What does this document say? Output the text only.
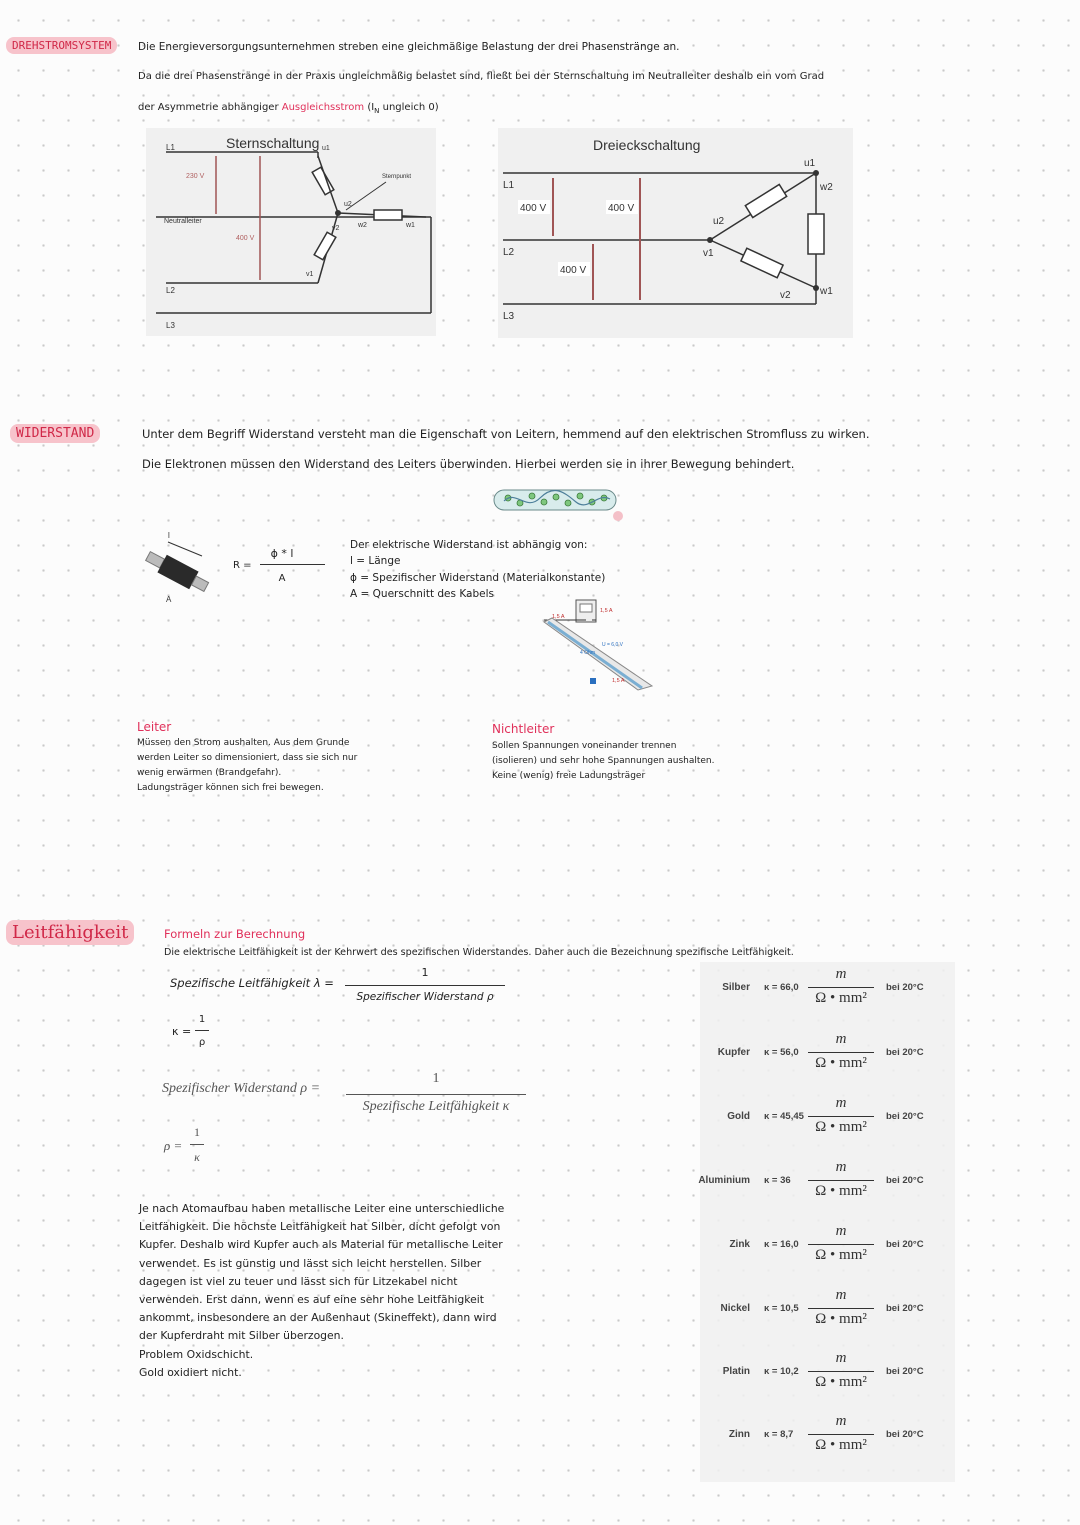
DREHSTROMSYSTEM	Die Energieversorgungsunternehmen streben eine gleichmäßige Belastung der drei Phasenstränge an.
Da die drei Phasenstränge in der Praxis ungleichmäßig belastet sind, fließt bei der Sternschaltung im Neutralleiter deshalb ein vom Grad
der Asymmetrie abhängiger Ausgleichsstrom ($I_N$ ungleich 0)
Sternschaltung
L1
Neutralleiter
L2
L3
230 V
400 V
u1
u2
v2
v1
w2	w1
Sternpunkt
Dreieckschaltung
L1
L2
L3
400 V	400 V
400 V
u1
w2
u2
v1
w1
v2
WIDERSTAND	Unter dem Begriff Widerstand versteht man die Eigenschaft von Leitern, hemmend auf den elektrischen Stromfluss zu wirken.
Die Elektronen müssen den Widerstand des Leiters überwinden. Hierbei werden sie in ihrer Bewegung behindert.
l
A
R =
ϕ * l
A
Der elektrische Widerstand ist abhängig von:
l = Länge
ϕ = Spezifischer Widerstand (Materialkonstante)
A = Querschnitt des Kabels
1,5 A
1,5 A
1,5 A
U = 6,0 V
4 Ohm
Leiter
Müssen den Strom aushalten. Aus dem Grunde
werden Leiter so dimensioniert, dass sie sich nur
wenig erwärmen (Brandgefahr).
Ladungsträger können sich frei bewegen.
Nichtleiter
Sollen Spannungen voneinander trennen
(isolieren) und sehr hohe Spannungen aushalten.
Keine (wenig) freie Ladungsträger
Leitfähigkeit	Formeln zur Berechnung
Die elektrische Leitfähigkeit ist der Kehrwert des spezifischen Widerstandes. Daher auch die Bezeichnung spezifische Leitfähigkeit.
Spezifische Leitfähigkeit λ =
1
Spezifischer Widerstand ρ
κ =
1
ρ
Spezifischer Widerstand ρ =
1
Spezifische Leitfähigkeit κ
ρ =
1
κ
Je nach Atomaufbau haben metallische Leiter eine unterschiedliche
Leitfähigkeit. Die höchste Leitfähigkeit hat Silber, dicht gefolgt von
Kupfer. Deshalb wird Kupfer auch als Material für metallische Leiter
verwendet. Es ist günstig und lässt sich leicht herstellen. Silber
dagegen ist viel zu teuer und lässt sich für Litzekabel nicht
verwenden. Erst dann, wenn es auf eine sehr hohe Leitfähigkeit
ankommt, insbesondere an der Außenhaut (Skineffekt), dann wird
der Kupferdraht mit Silber überzogen.
Problem Oxidschicht.
Gold oxidiert nicht.
Silber κ = 66,0
m
Ω • mm²
bei 20°C
Kupfer κ = 56,0
m
Ω • mm²
bei 20°C
Gold κ = 45,45
m
Ω • mm²
bei 20°C
Aluminium κ = 36
m
Ω • mm²
bei 20°C
Zink κ = 16,0
m
Ω • mm²
bei 20°C
Nickel κ = 10,5
m
Ω • mm²
bei 20°C
Platin κ = 10,2
m
Ω • mm²
bei 20°C
Zinn κ = 8,7
m
Ω • mm²
bei 20°C
